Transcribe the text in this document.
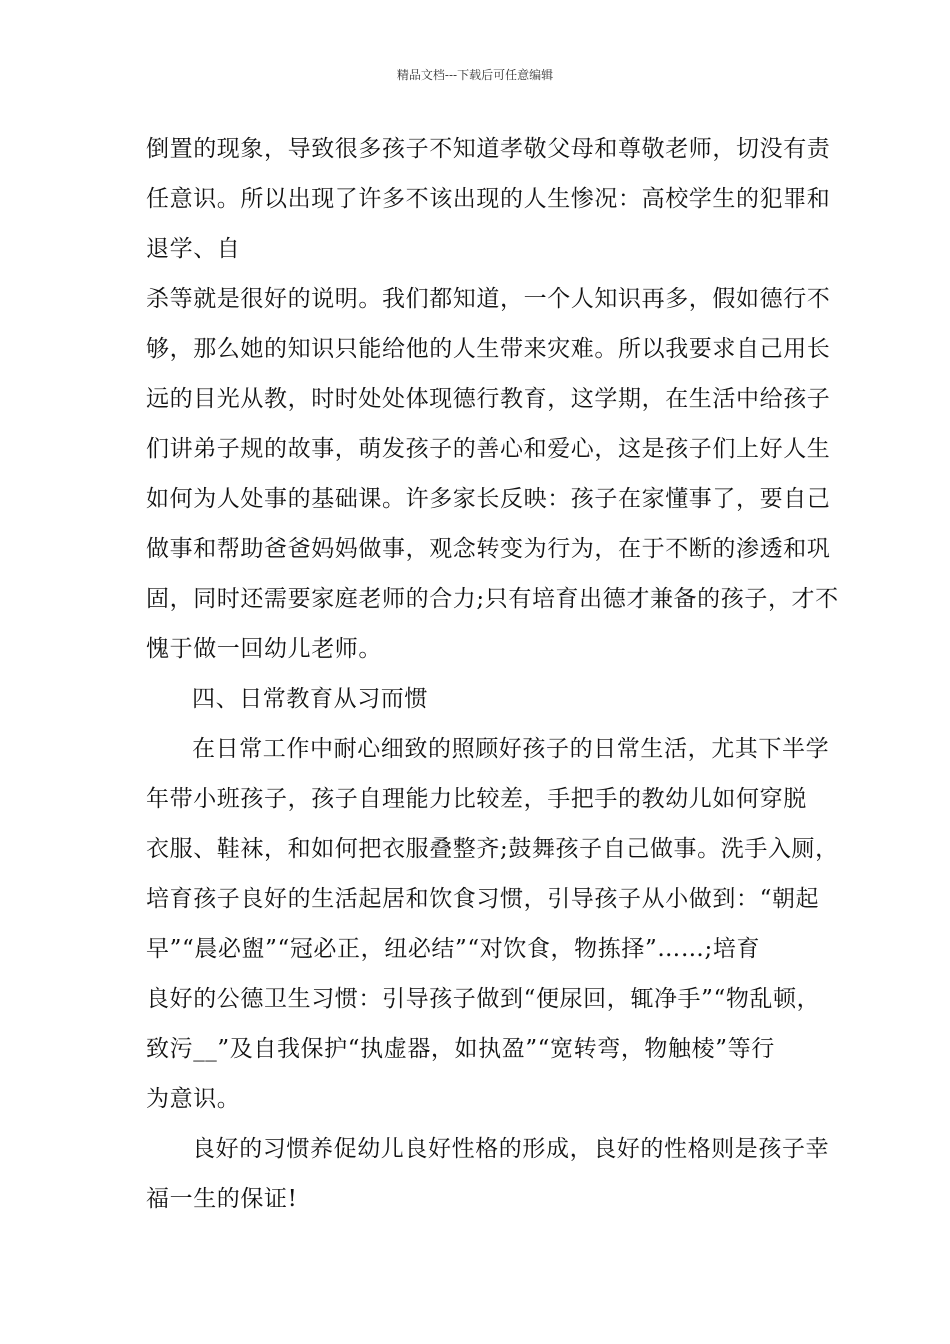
精品文档---下载后可任意编辑
倒置的现象，导致很多孩子不知道孝敬父母和尊敬老师，切没有责
任意识。所以出现了许多不该出现的人生惨况：高校学生的犯罪和
退学、自
杀等就是很好的说明。我们都知道，一个人知识再多，假如德行不
够，那么她的知识只能给他的人生带来灾难。所以我要求自己用长
远的目光从教，时时处处体现德行教育，这学期，在生活中给孩子
们讲弟子规的故事，萌发孩子的善心和爱心，这是孩子们上好人生
如何为人处事的基础课。许多家长反映：孩子在家懂事了，要自己
做事和帮助爸爸妈妈做事，观念转变为行为，在于不断的渗透和巩
固，同时还需要家庭老师的合力;只有培育出德才兼备的孩子，才不
愧于做一回幼儿老师。
四、日常教育从习而惯
在日常工作中耐心细致的照顾好孩子的日常生活，尤其下半学
年带小班孩子，孩子自理能力比较差，手把手的教幼儿如何穿脱
衣服、鞋袜，和如何把衣服叠整齐;鼓舞孩子自己做事。洗手入厕，
培育孩子良好的生活起居和饮食习惯，引导孩子从小做到：“朝起
早”“晨必盥”“冠必正，纽必结”“对饮食，物拣择”……;培育
良好的公德卫生习惯：引导孩子做到“便尿回，辄净手”“物乱顿，
致污__”及自我保护“执虚器，如执盈”“宽转弯，物触棱”等行
为意识。
良好的习惯养促幼儿良好性格的形成，良好的性格则是孩子幸
福一生的保证!
